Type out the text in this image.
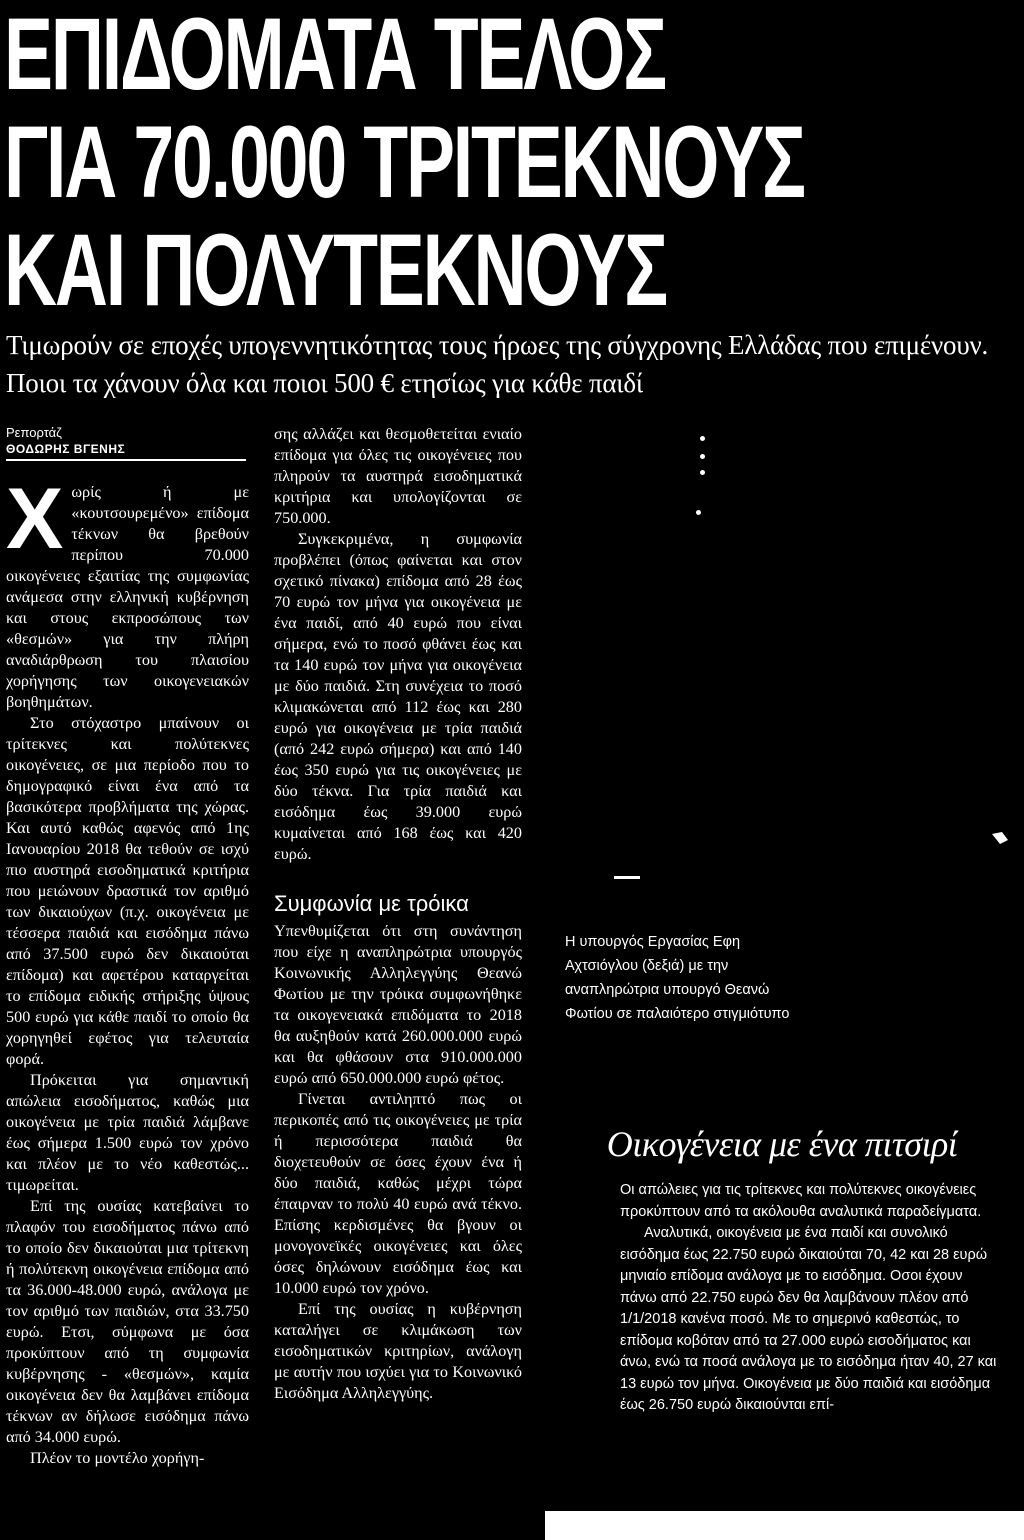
ΕΠΙΔΟΜΑΤΑ ΤΕΛΟΣ
ΓΙΑ 70.000 ΤΡΙΤΕΚΝΟΥΣ
ΚΑΙ ΠΟΛΥΤΕΚΝΟΥΣ
Τιμωρούν σε εποχές υπογεννητικότητας τους ήρωες της σύγχρονης Ελλάδας που επιμένουν. Ποιοι τα χάνουν όλα και ποιοι 500 € ετησίως για κάθε παιδί
Ρεπορτάζ
ΘΟΔΩΡΗΣ ΒΓΕΝΗΣ

Χωρίς ή με «κουτσουρεμένο» επίδομα τέκνων θα βρεθούν περίπου 70.000 οικογένειες εξαιτίας της συμφωνίας ανάμεσα στην ελληνική κυβέρνηση και στους εκπροσώπους των «θεσμών» για την πλήρη αναδιάρθρωση του πλαισίου χορήγησης των οικογενειακών βοηθημάτων.

Στο στόχαστρο μπαίνουν οι τρίτεκνες και πολύτεκνες οικογένειες, σε μια περίοδο που το δημογραφικό είναι ένα από τα βασικότερα προβλήματα της χώρας. Και αυτό καθώς αφενός από 1ης Ιανουαρίου 2018 θα τεθούν σε ισχύ πιο αυστηρά εισοδηματικά κριτήρια που μειώνουν δραστικά τον αριθμό των δικαιούχων (π.χ. οικογένεια με τέσσερα παιδιά και εισόδημα πάνω από 37.500 ευρώ δεν δικαιούται επίδομα) και αφετέρου καταργείται το επίδομα ειδικής στήριξης ύψους 500 ευρώ για κάθε παιδί το οποίο θα χορηγηθεί εφέτος για τελευταία φορά.

Πρόκειται για σημαντική απώλεια εισοδήματος, καθώς μια οικογένεια με τρία παιδιά λάμβανε έως σήμερα 1.500 ευρώ τον χρόνο και πλέον με το νέο καθεστώς... τιμωρείται.

Επί της ουσίας κατεβαίνει το πλαφόν του εισοδήματος πάνω από το οποίο δεν δικαιούται μια τρίτεκνη ή πολύτεκνη οικογένεια επίδομα από τα 36.000-48.000 ευρώ, ανάλογα με τον αριθμό των παιδιών, στα 33.750 ευρώ. Ετσι, σύμφωνα με όσα προκύπτουν από τη συμφωνία κυβέρνησης - «θεσμών», καμία οικογένεια δεν θα λαμβάνει επίδομα τέκνων αν δήλωσε εισόδημα πάνω από 34.000 ευρώ.

Πλέον το μοντέλο χορήγη-

σης αλλάζει και θεσμοθετείται ενιαίο επίδομα για όλες τις οικογένειες που πληρούν τα αυστηρά εισοδηματικά κριτήρια και υπολογίζονται σε 750.000.

Συγκεκριμένα, η συμφωνία προβλέπει (όπως φαίνεται και στον σχετικό πίνακα) επίδομα από 28 έως 70 ευρώ τον μήνα για οικογένεια με ένα παιδί, από 40 ευρώ που είναι σήμερα, ενώ το ποσό φθάνει έως και τα 140 ευρώ τον μήνα για οικογένεια με δύο παιδιά. Στη συνέχεια το ποσό κλιμακώνεται από 112 έως και 280 ευρώ για οικογένεια με τρία παιδιά (από 242 ευρώ σήμερα) και από 140 έως 350 ευρώ για τις οικογένειες με δύο τέκνα. Για τρία παιδιά και εισόδημα έως 39.000 ευρώ κυμαίνεται από 168 έως και 420 ευρώ.

Συμφωνία με τρόικα

Υπενθυμίζεται ότι στη συνάντηση που είχε η αναπληρώτρια υπουργός Κοινωνικής Αλληλεγγύης Θεανώ Φωτίου με την τρόικα συμφωνήθηκε τα οικογενειακά επιδόματα το 2018 θα αυξηθούν κατά 260.000.000 ευρώ και θα φθάσουν στα 910.000.000 ευρώ από 650.000.000 ευρώ φέτος.

Γίνεται αντιληπτό πως οι περικοπές από τις οικογένειες με τρία ή περισσότερα παιδιά θα διοχετευθούν σε όσες έχουν ένα ή δύο παιδιά, καθώς μέχρι τώρα έπαιρναν το πολύ 40 ευρώ ανά τέκνο. Επίσης κερδισμένες θα βγουν οι μονογονεϊκές οικογένειες και όλες όσες δηλώνουν εισόδημα έως και 10.000 ευρώ τον χρόνο.

Επί της ουσίας η κυβέρνηση καταλήγει σε κλιμάκωση των εισοδηματικών κριτηρίων, ανάλογη με αυτήν που ισχύει για το Κοινωνικό Εισόδημα Αλληλεγγύης.

Η υπουργός Εργασίας Εφη Αχτσιόγλου (δεξιά) με την αναπληρώτρια υπουργό Θεανώ Φωτίου σε παλαιότερο στιγμιότυπο
Οικογένεια με ένα πιτσιρί

Οι απώλειες για τις τρίτεκνες και πολύτεκνες οικογένειες προκύπτουν από τα ακόλουθα αναλυτικά παραδείγματα.

Αναλυτικά, οικογένεια με ένα παιδί και συνολικό εισόδημα έως 22.750 ευρώ δικαιούται 70, 42 και 28 ευρώ μηνιαίο επίδομα ανάλογα με το εισόδημα. Οσοι έχουν πάνω από 22.750 ευρώ δεν θα λαμβάνουν πλέον από 1/1/2018 κανένα ποσό. Με το σημερινό καθεστώς, το επίδομα κοβόταν από τα 27.000 ευρώ εισοδήματος και άνω, ενώ τα ποσά ανάλογα με το εισόδημα ήταν 40, 27 και 13 ευρώ τον μήνα. Οικογένεια με δύο παιδιά και εισόδημα έως 26.750 ευρώ δικαιούνται επί-
